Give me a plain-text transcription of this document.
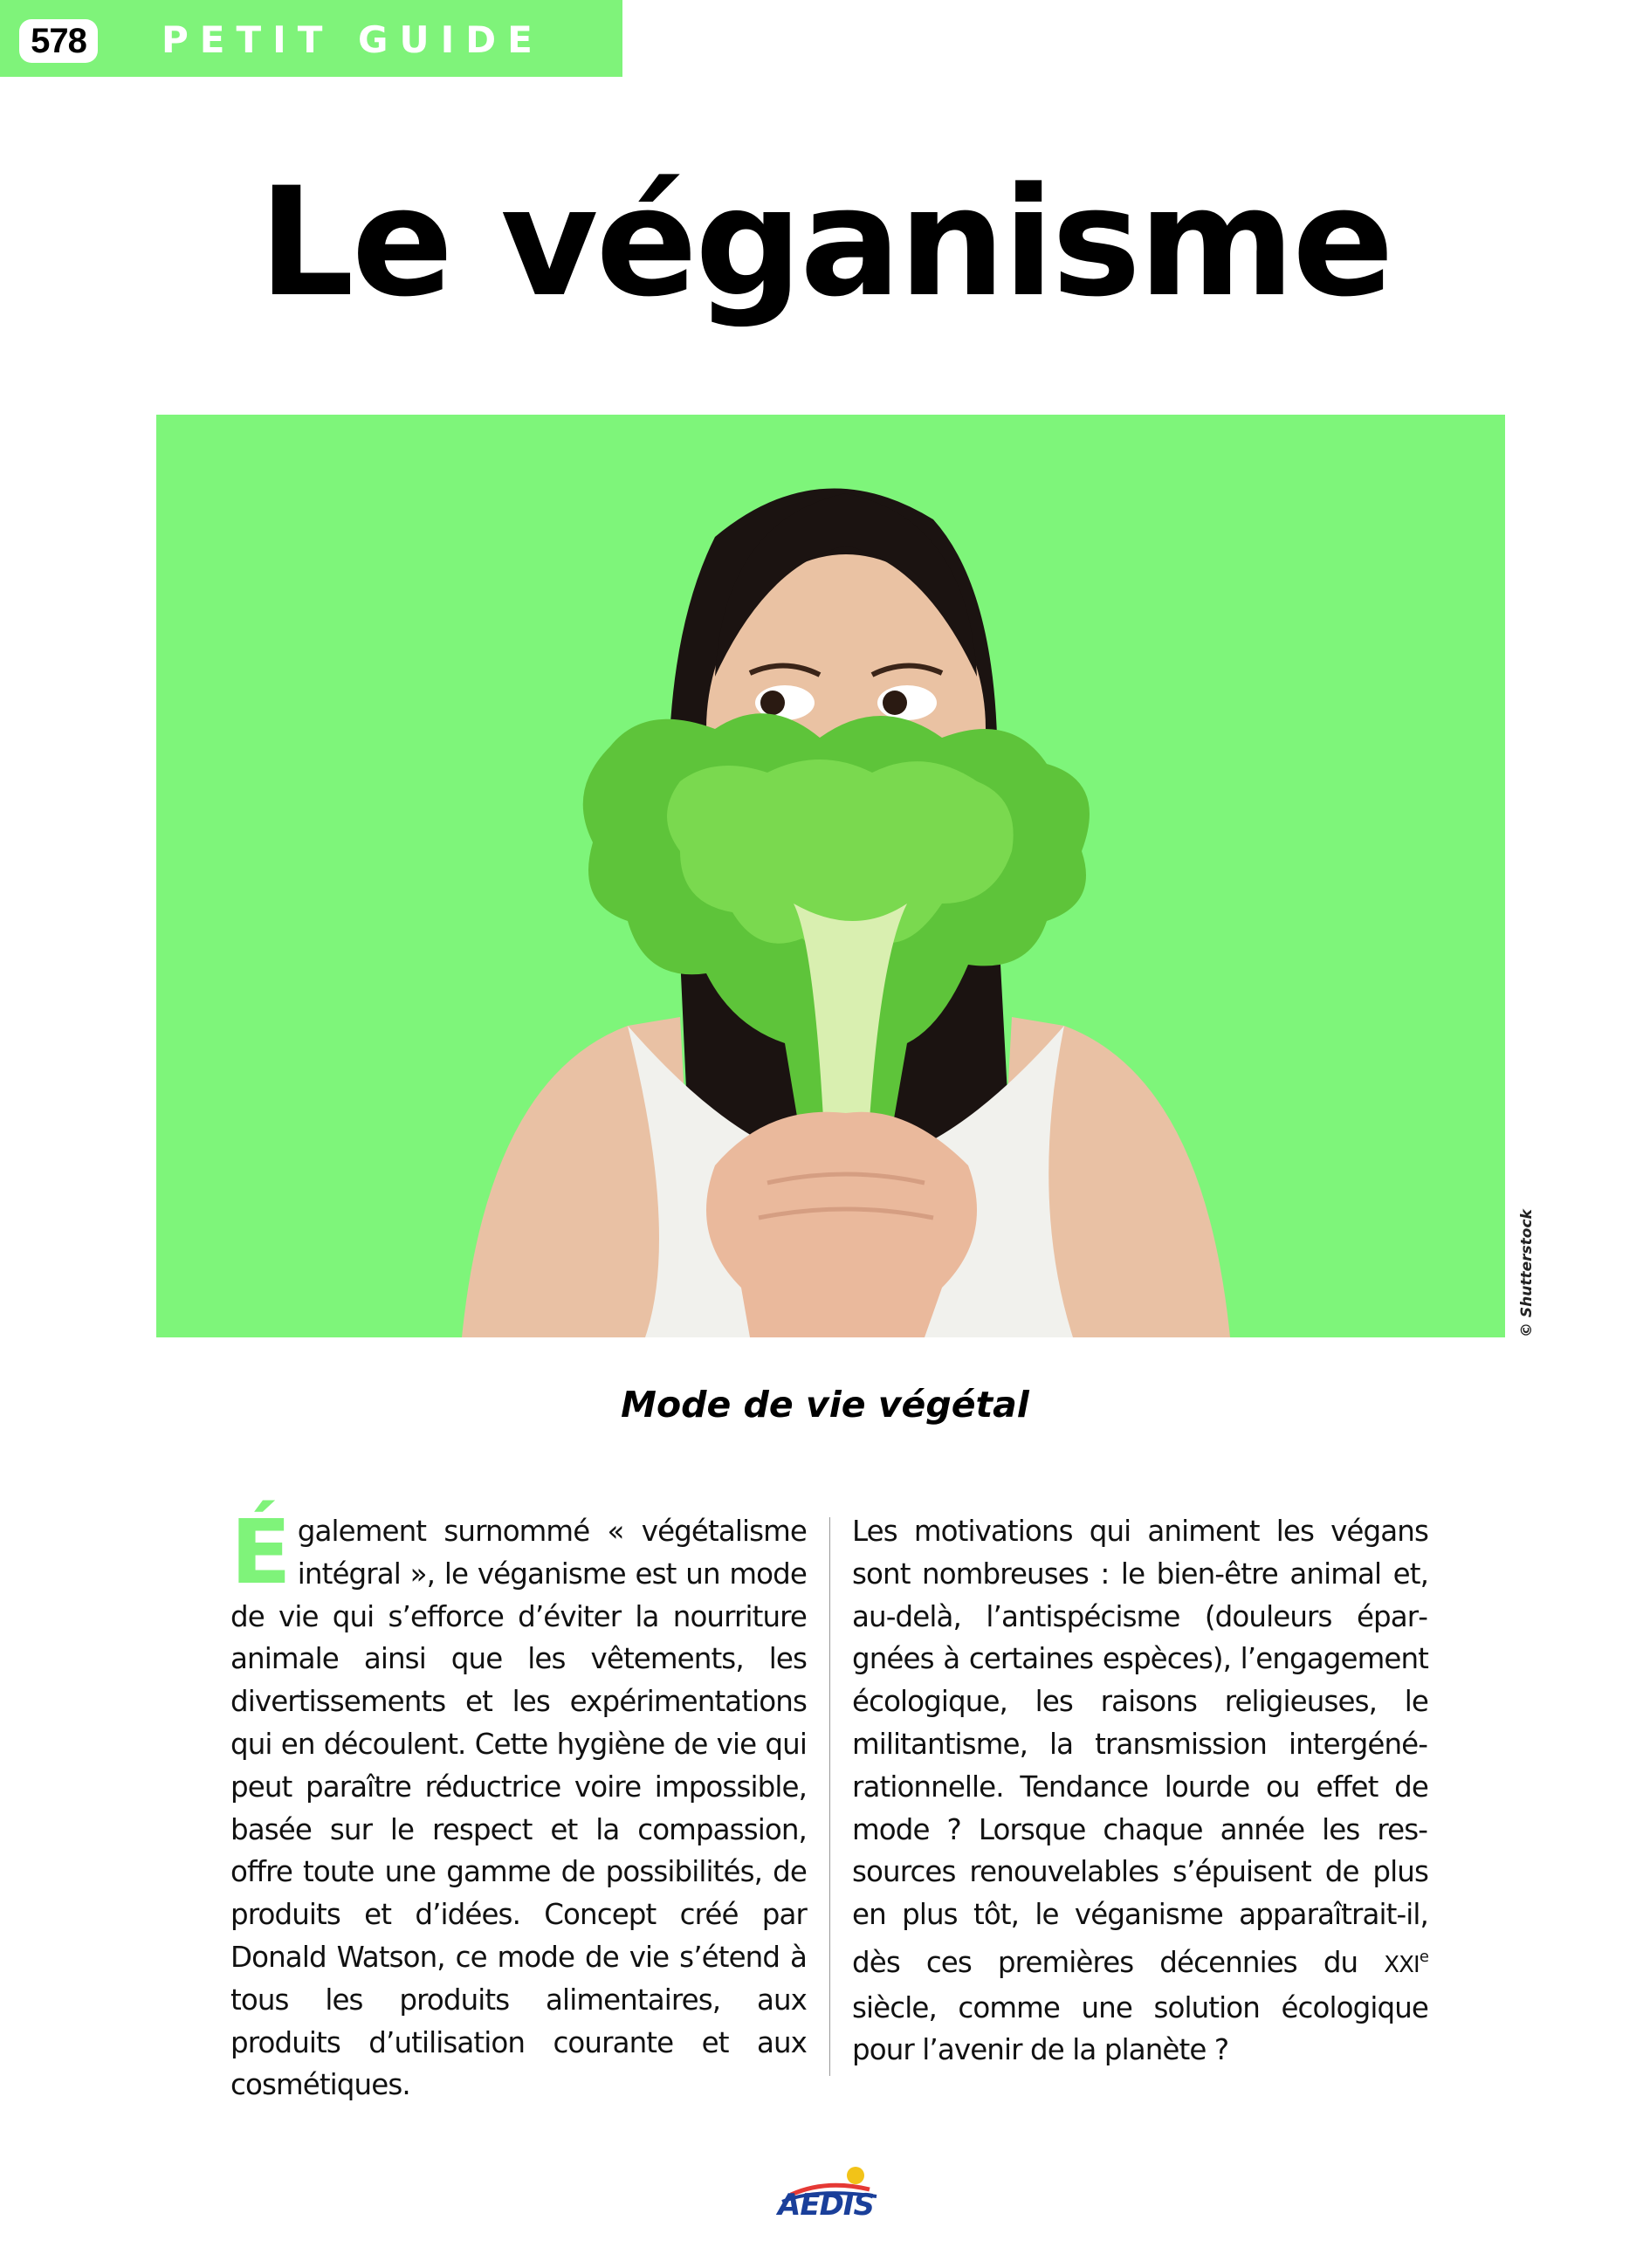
578	PETIT GUIDE
Le véganisme
© Shutterstock
Mode de vie végétal
Également surnommé « végétalisme intégral », le véganisme est un mode de vie qui s’efforce d’éviter la nourriture animale ainsi que les vêtements, les divertissements et les expérimentations qui en découlent. Cette hygiène de vie qui peut paraître réductrice voire impossible, basée sur le respect et la compassion, offre toute une gamme de possibilités, de produits et d’idées. Concept créé par Donald Watson, ce mode de vie s’étend à tous les produits alimentaires, aux produits d’utilisation courante et aux cosmétiques.
Les motivations qui animent les végans sont nombreuses : le bien-être animal et, au-delà, l’antispécisme (douleurs épargnées à certaines espèces), l’engagement écologique, les raisons religieuses, le militantisme, la transmission intergénérationnelle. Tendance lourde ou effet de mode ? Lorsque chaque année les ressources renouvelables s’épuisent de plus en plus tôt, le véganisme apparaîtrait-il, dès ces premières décennies du XXIe siècle, comme une solution écologique pour l’avenir de la planète ?
AEDIS
